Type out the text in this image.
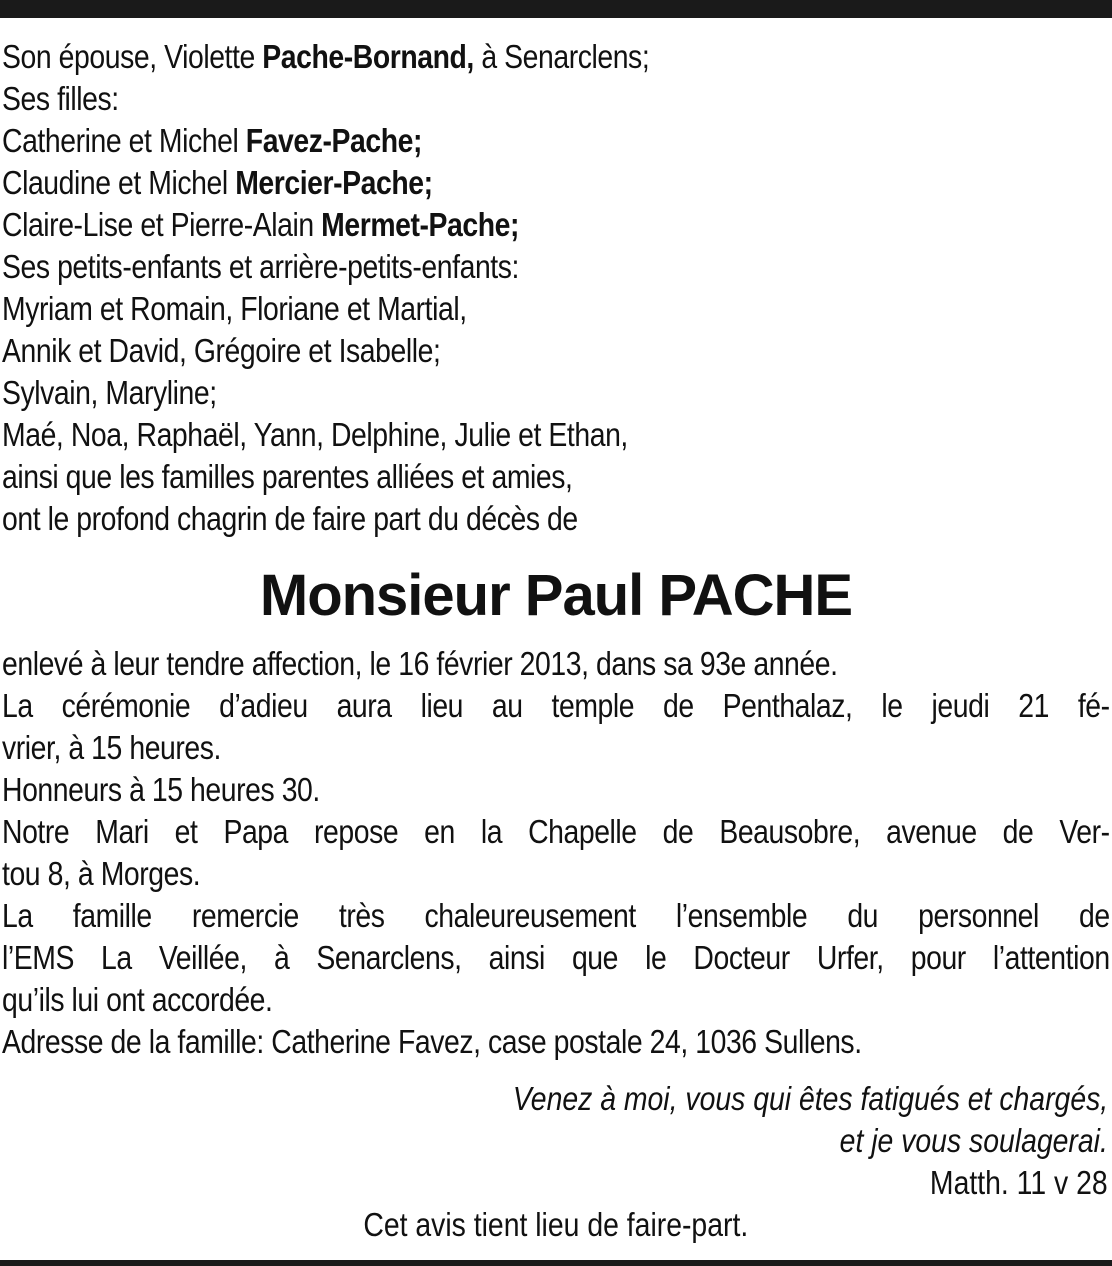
Son épouse, Violette Pache-Bornand, à Senarclens;
Ses filles:
Catherine et Michel Favez-Pache;
Claudine et Michel Mercier-Pache;
Claire-Lise et Pierre-Alain Mermet-Pache;
Ses petits-enfants et arrière-petits-enfants:
Myriam et Romain, Floriane et Martial,
Annik et David, Grégoire et Isabelle;
Sylvain, Maryline;
Maé, Noa, Raphaël, Yann, Delphine, Julie et Ethan,
ainsi que les familles parentes alliées et amies,
ont le profond chagrin de faire part du décès de
Monsieur Paul PACHE
enlevé à leur tendre affection, le 16 février 2013, dans sa 93e année.
La cérémonie d’adieu aura lieu au temple de Penthalaz, le jeudi 21 fé-
vrier, à 15 heures.
Honneurs à 15 heures 30.
Notre Mari et Papa repose en la Chapelle de Beausobre, avenue de Ver-
tou 8, à Morges.
La famille remercie très chaleureusement l’ensemble du personnel de
l’EMS La Veillée, à Senarclens, ainsi que le Docteur Urfer, pour l’attention
qu’ils lui ont accordée.
Adresse de la famille: Catherine Favez, case postale 24, 1036 Sullens.
Venez à moi, vous qui êtes fatigués et chargés,
et je vous soulagerai.
Matth. 11 v 28
Cet avis tient lieu de faire-part.
